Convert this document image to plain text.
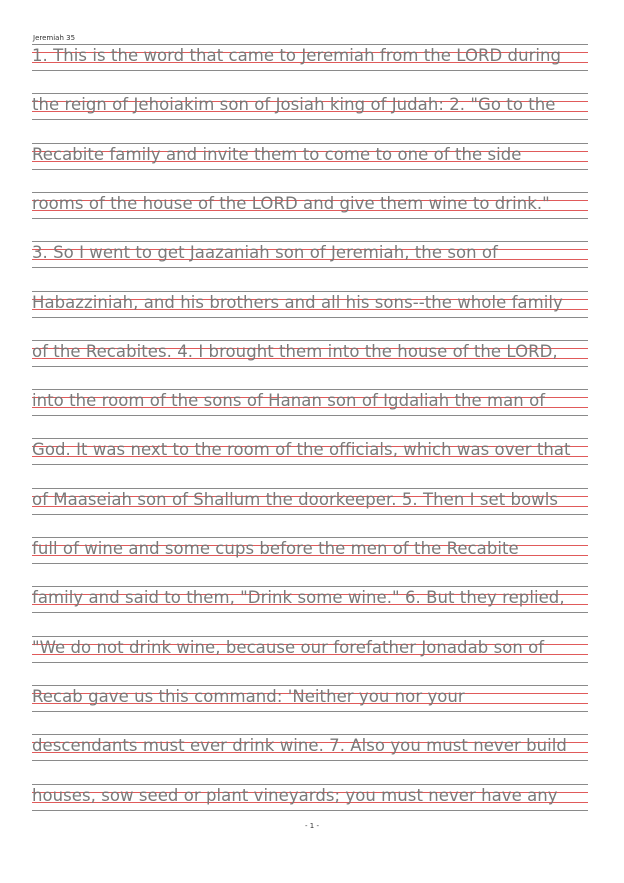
Jeremiah 35
1. This is the word that came to Jeremiah from the LORD during
the reign of Jehoiakim son of Josiah king of Judah: 2. "Go to the
Recabite family and invite them to come to one of the side
rooms of the house of the LORD and give them wine to drink."
3. So I went to get Jaazaniah son of Jeremiah, the son of
Habazziniah, and his brothers and all his sons--the whole family
of the Recabites. 4. I brought them into the house of the LORD,
into the room of the sons of Hanan son of Igdaliah the man of
God. It was next to the room of the officials, which was over that
of Maaseiah son of Shallum the doorkeeper. 5. Then I set bowls
full of wine and some cups before the men of the Recabite
family and said to them, "Drink some wine." 6. But they replied,
"We do not drink wine, because our forefather Jonadab son of
Recab gave us this command: 'Neither you nor your
descendants must ever drink wine. 7. Also you must never build
houses, sow seed or plant vineyards; you must never have any
- 1 -
